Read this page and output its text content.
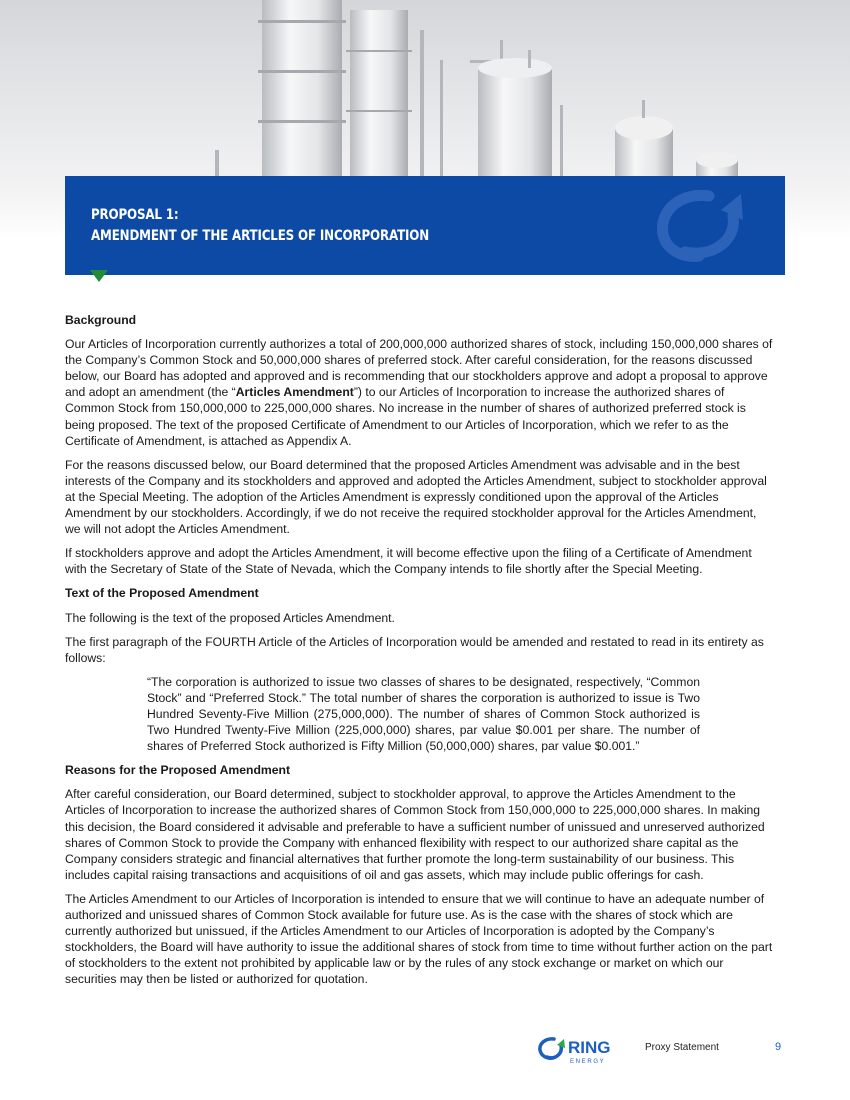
PROPOSAL 1:
AMENDMENT OF THE ARTICLES OF INCORPORATION

Background

Our Articles of Incorporation currently authorizes a total of 200,000,000 authorized shares of stock, including 150,000,000 shares of the Company’s Common Stock and 50,000,000 shares of preferred stock. After careful consideration, for the reasons discussed below, our Board has adopted and approved and is recommending that our stockholders approve and adopt a proposal to approve and adopt an amendment (the “Articles Amendment”) to our Articles of Incorporation to increase the authorized shares of Common Stock from 150,000,000 to 225,000,000 shares. No increase in the number of shares of authorized preferred stock is being proposed. The text of the proposed Certificate of Amendment to our Articles of Incorporation, which we refer to as the Certificate of Amendment, is attached as Appendix A.

For the reasons discussed below, our Board determined that the proposed Articles Amendment was advisable and in the best interests of the Company and its stockholders and approved and adopted the Articles Amendment, subject to stockholder approval at the Special Meeting. The adoption of the Articles Amendment is expressly conditioned upon the approval of the Articles Amendment by our stockholders. Accordingly, if we do not receive the required stockholder approval for the Articles Amendment, we will not adopt the Articles Amendment.

If stockholders approve and adopt the Articles Amendment, it will become effective upon the filing of a Certificate of Amendment with the Secretary of State of the State of Nevada, which the Company intends to file shortly after the Special Meeting.

Text of the Proposed Amendment

The following is the text of the proposed Articles Amendment.

The first paragraph of the FOURTH Article of the Articles of Incorporation would be amended and restated to read in its entirety as follows:

“The corporation is authorized to issue two classes of shares to be designated, respectively, “Common Stock” and “Preferred Stock.” The total number of shares the corporation is authorized to issue is Two Hundred Seventy-Five Million (275,000,000). The number of shares of Common Stock authorized is Two Hundred Twenty-Five Million (225,000,000) shares, par value $0.001 per share. The number of shares of Preferred Stock authorized is Fifty Million (50,000,000) shares, par value $0.001.”

Reasons for the Proposed Amendment

After careful consideration, our Board determined, subject to stockholder approval, to approve the Articles Amendment to the Articles of Incorporation to increase the authorized shares of Common Stock from 150,000,000 to 225,000,000 shares. In making this decision, the Board considered it advisable and preferable to have a sufficient number of unissued and unreserved authorized shares of Common Stock to provide the Company with enhanced flexibility with respect to our authorized share capital as the Company considers strategic and financial alternatives that further promote the long-term sustainability of our business. This includes capital raising transactions and acquisitions of oil and gas assets, which may include public offerings for cash.

The Articles Amendment to our Articles of Incorporation is intended to ensure that we will continue to have an adequate number of authorized and unissued shares of Common Stock available for future use. As is the case with the shares of stock which are currently authorized but unissued, if the Articles Amendment to our Articles of Incorporation is adopted by the Company’s stockholders, the Board will have authority to issue the additional shares of stock from time to time without further action on the part of stockholders to the extent not prohibited by applicable law or by the rules of any stock exchange or market on which our securities may then be listed or authorized for quotation.

RING
E N E R G Y
Proxy Statement	9
